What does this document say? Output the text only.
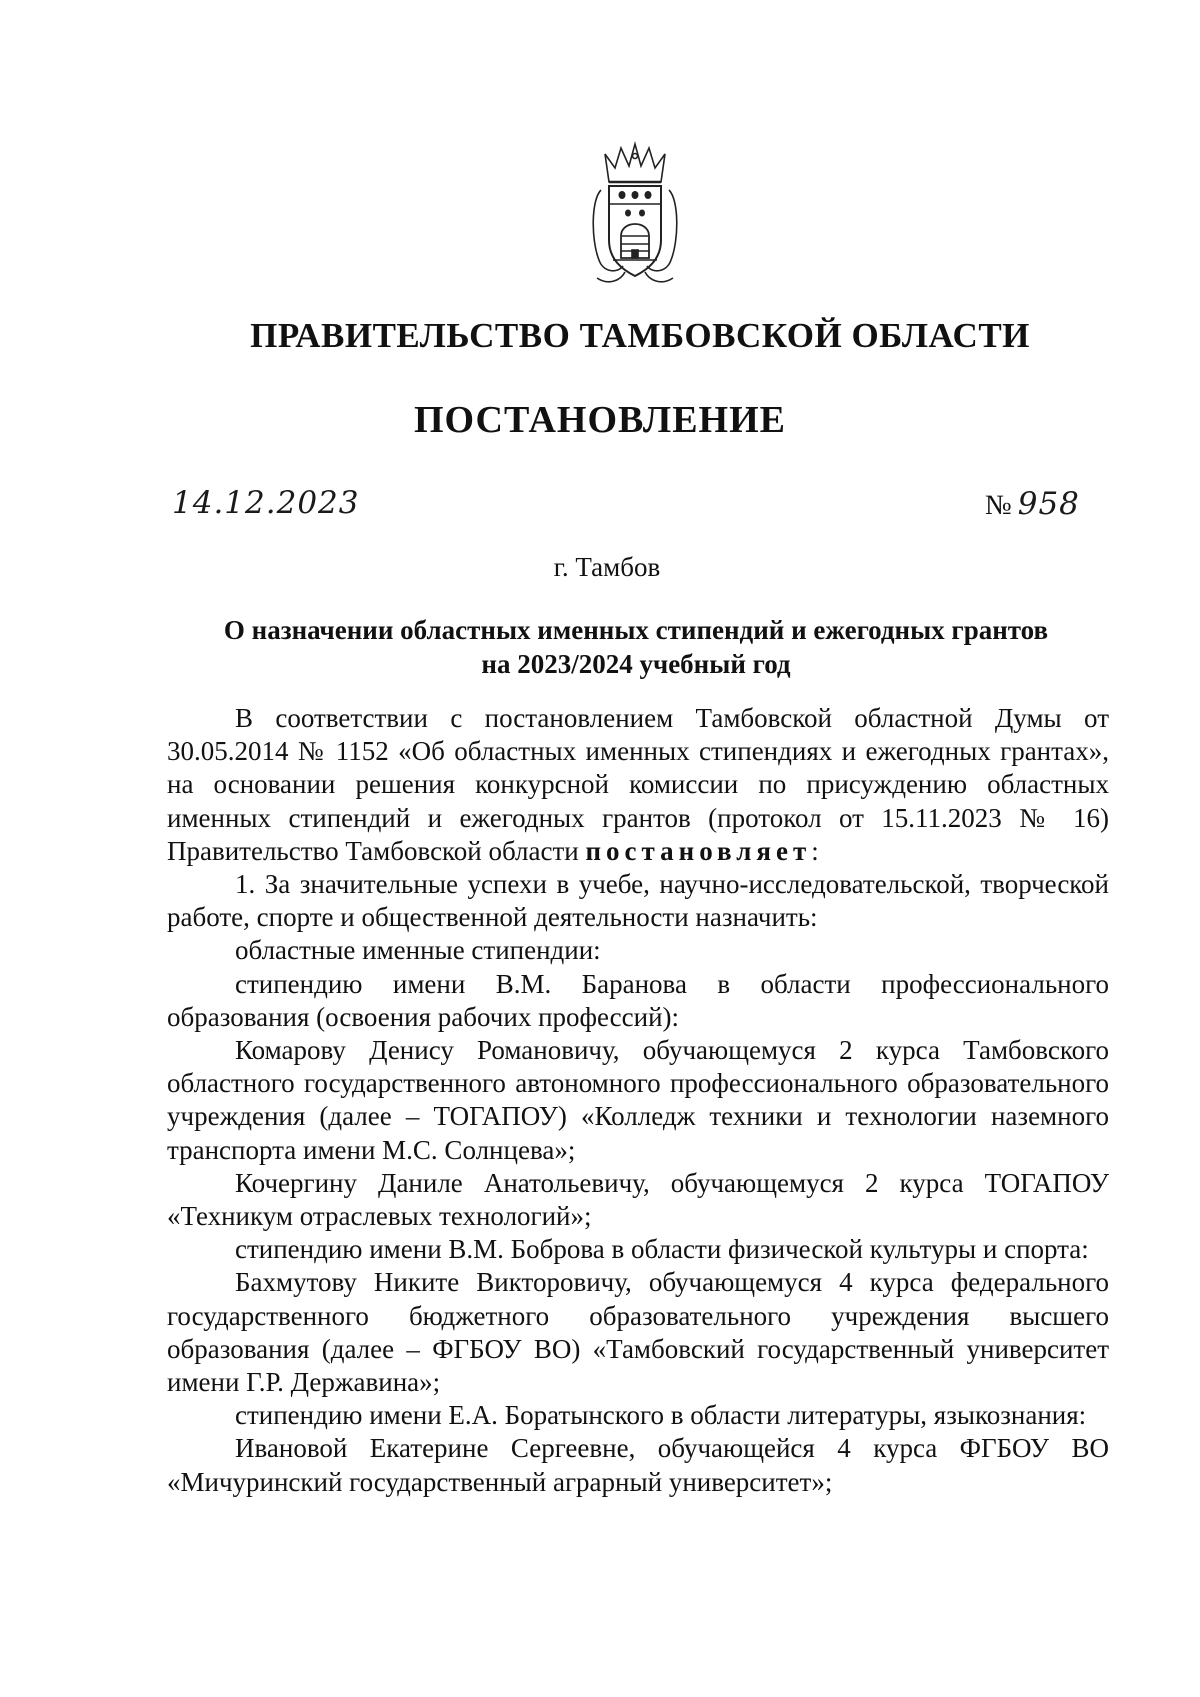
ПРАВИТЕЛЬСТВО ТАМБОВСКОЙ ОБЛАСТИ
ПОСТАНОВЛЕНИЕ
14.12.2023	№ 958
г. Тамбов
О назначении областных именных стипендий и ежегодных грантов
на 2023/2024 учебный год

В соответствии с постановлением Тамбовской областной Думы от 30.05.2014 № 1152 «Об областных именных стипендиях и ежегодных грантах», на основании решения конкурсной комиссии по присуждению областных именных стипендий и ежегодных грантов (протокол от 15.11.2023 № 16) Правительство Тамбовской области постановляет:

1. За значительные успехи в учебе, научно-исследовательской, творческой работе, спорте и общественной деятельности назначить:

областные именные стипендии:

стипендию имени В.М. Баранова в области профессионального образования (освоения рабочих профессий):

Комарову Денису Романовичу, обучающемуся 2 курса Тамбовского областного государственного автономного профессионального образовательного учреждения (далее – ТОГАПОУ) «Колледж техники и технологии наземного транспорта имени М.С. Солнцева»;

Кочергину Даниле Анатольевичу, обучающемуся 2 курса ТОГАПОУ «Техникум отраслевых технологий»;

стипендию имени В.М. Боброва в области физической культуры и спорта:

Бахмутову Никите Викторовичу, обучающемуся 4 курса федерального государственного бюджетного образовательного учреждения высшего образования (далее – ФГБОУ ВО) «Тамбовский государственный университет имени Г.Р. Державина»;

стипендию имени Е.А. Боратынского в области литературы, языкознания:

Ивановой Екатерине Сергеевне, обучающейся 4 курса ФГБОУ ВО «Мичуринский государственный аграрный университет»;
